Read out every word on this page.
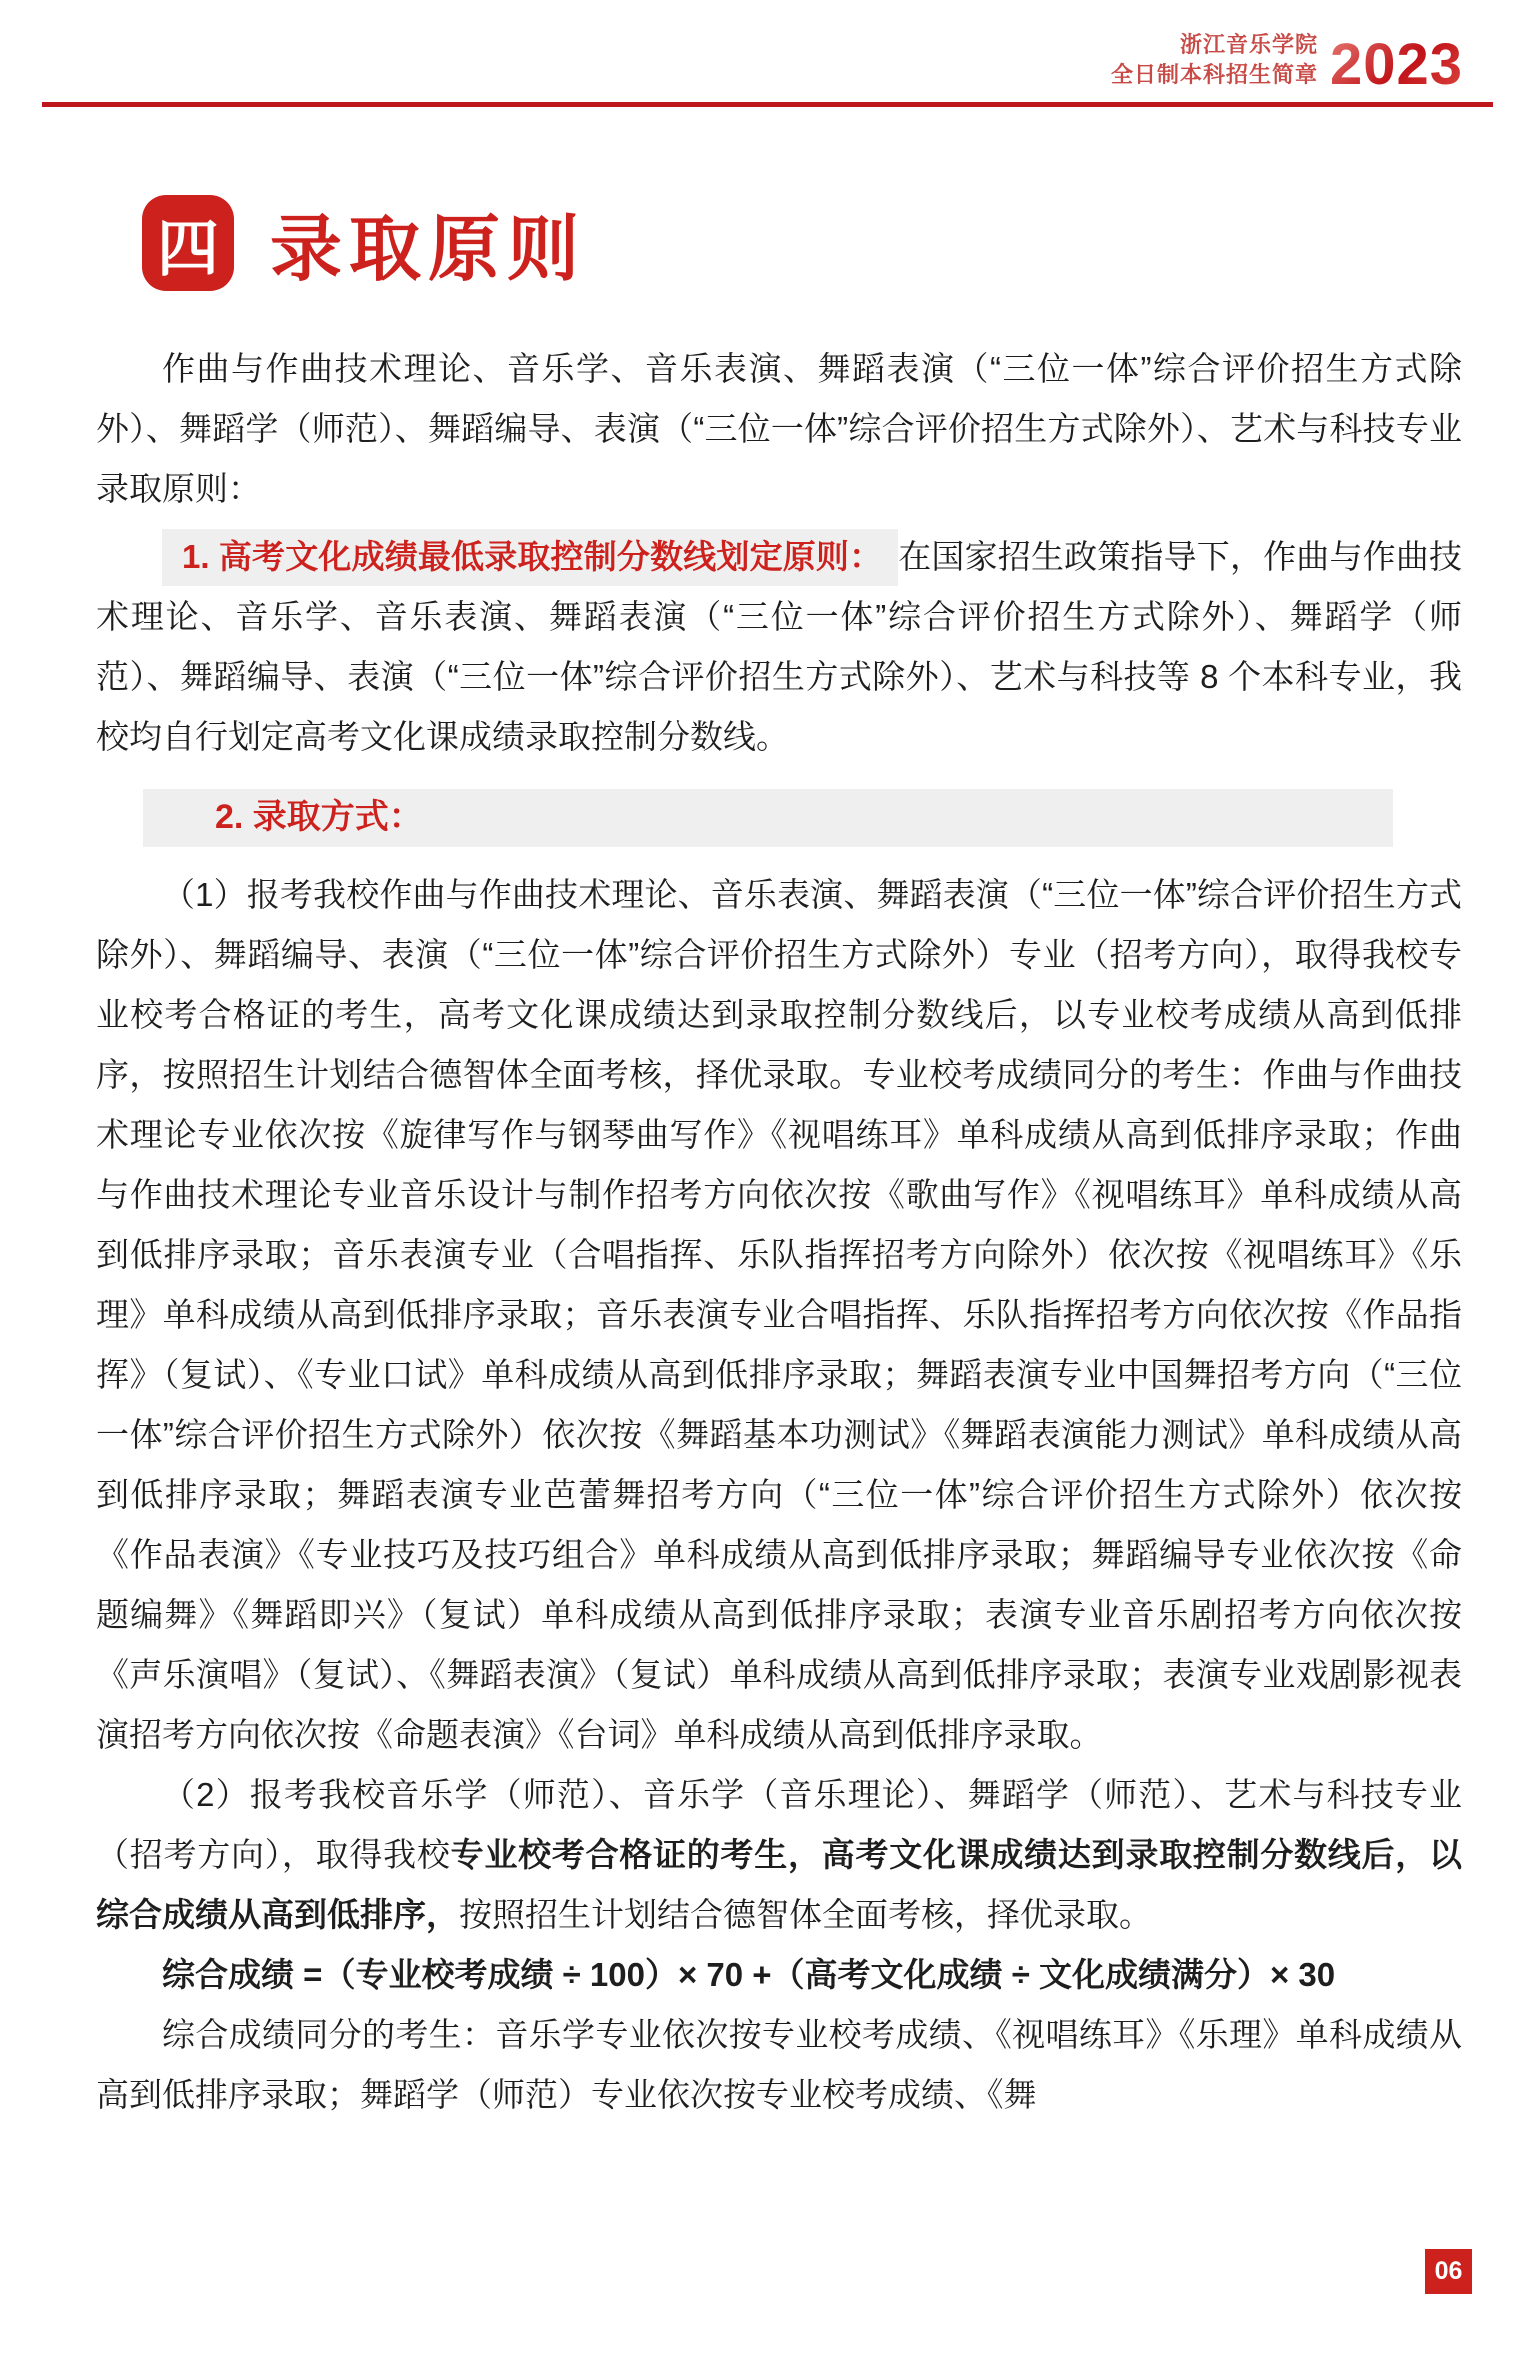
浙江音乐学院
全日制本科招生简章 2023
四 录取原则

作曲与作曲技术理论、音乐学、音乐表演、舞蹈表演（“三位一体”综合评价招生方式除外）、舞蹈学（师范）、舞蹈编导、表演（“三位一体”综合评价招生方式除外）、艺术与科技专业录取原则：

1. 高考文化成绩最低录取控制分数线划定原则： 在国家招生政策指导下，作曲与作曲技术理论、音乐学、音乐表演、舞蹈表演（“三位一体”综合评价招生方式除外）、舞蹈学（师范）、舞蹈编导、表演（“三位一体”综合评价招生方式除外）、艺术与科技等 8 个本科专业，我校均自行划定高考文化课成绩录取控制分数线。

2. 录取方式：

（1）报考我校作曲与作曲技术理论、音乐表演、舞蹈表演（“三位一体”综合评价招生方式除外）、舞蹈编导、表演（“三位一体”综合评价招生方式除外）专业（招考方向），取得我校专业校考合格证的考生，高考文化课成绩达到录取控制分数线后，以专业校考成绩从高到低排序，按照招生计划结合德智体全面考核，择优录取。专业校考成绩同分的考生：作曲与作曲技术理论专业依次按《旋律写作与钢琴曲写作》《视唱练耳》单科成绩从高到低排序录取；作曲与作曲技术理论专业音乐设计与制作招考方向依次按《歌曲写作》《视唱练耳》单科成绩从高到低排序录取；音乐表演专业（合唱指挥、乐队指挥招考方向除外）依次按《视唱练耳》《乐理》单科成绩从高到低排序录取；音乐表演专业合唱指挥、乐队指挥招考方向依次按《作品指挥》（复试）、《专业口试》单科成绩从高到低排序录取；舞蹈表演专业中国舞招考方向（“三位一体”综合评价招生方式除外）依次按《舞蹈基本功测试》《舞蹈表演能力测试》单科成绩从高到低排序录取；舞蹈表演专业芭蕾舞招考方向（“三位一体”综合评价招生方式除外）依次按《作品表演》《专业技巧及技巧组合》单科成绩从高到低排序录取；舞蹈编导专业依次按《命题编舞》《舞蹈即兴》（复试）单科成绩从高到低排序录取；表演专业音乐剧招考方向依次按《声乐演唱》（复试）、《舞蹈表演》（复试）单科成绩从高到低排序录取；表演专业戏剧影视表演招考方向依次按《命题表演》《台词》单科成绩从高到低排序录取。

（2）报考我校音乐学（师范）、音乐学（音乐理论）、舞蹈学（师范）、艺术与科技专业（招考方向），取得我校专业校考合格证的考生，高考文化课成绩达到录取控制分数线后，以综合成绩从高到低排序，按照招生计划结合德智体全面考核，择优录取。

综合成绩 =（专业校考成绩 ÷ 100）× 70 +（高考文化成绩 ÷ 文化成绩满分）× 30

综合成绩同分的考生：音乐学专业依次按专业校考成绩、《视唱练耳》《乐理》单科成绩从高到低排序录取；舞蹈学（师范）专业依次按专业校考成绩、《舞

06
